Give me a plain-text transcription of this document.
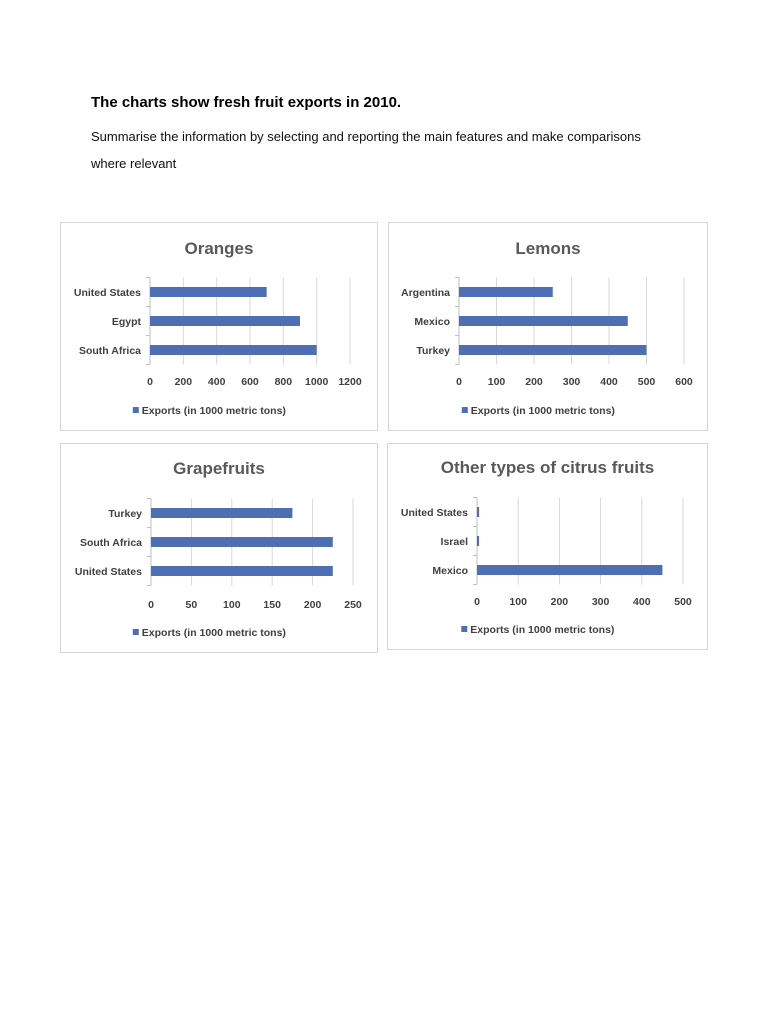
The charts show fresh fruit exports in 2010.

Summarise the information by selecting and reporting the main features and make comparisons

where relevant

Oranges
0 200 400 600 800 1000 1200
United States
Egypt
South Africa
Exports (in 1000 metric tons)
Lemons
0 100 200 300 400 500 600
Argentina
Mexico
Turkey
Exports (in 1000 metric tons)
Grapefruits
0	50 100 150 200 250
Turkey
South Africa
United States
Exports (in 1000 metric tons)
Other types of citrus fruits
0	100 200 300 400 500
United States
Israel
Mexico
Exports (in 1000 metric tons)
